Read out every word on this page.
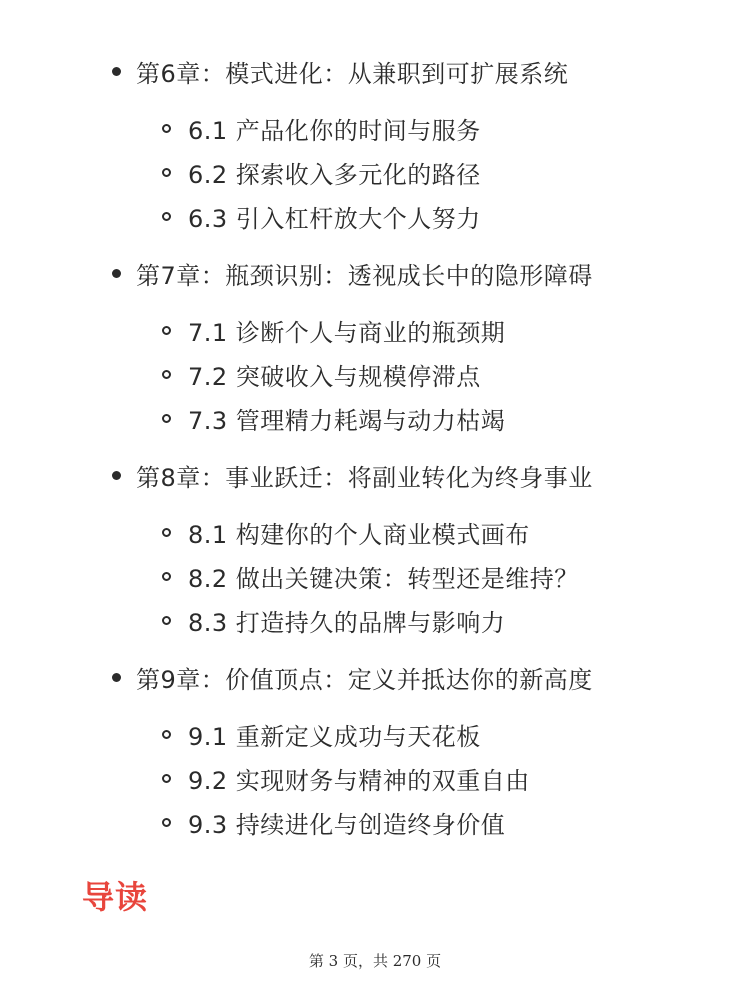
第6章：模式进化：从兼职到可扩展系统
6.1 产品化你的时间与服务
6.2 探索收入多元化的路径
6.3 引入杠杆放大个人努力
第7章：瓶颈识别：透视成长中的隐形障碍
7.1 诊断个人与商业的瓶颈期
7.2 突破收入与规模停滞点
7.3 管理精力耗竭与动力枯竭
第8章：事业跃迁：将副业转化为终身事业
8.1 构建你的个人商业模式画布
8.2 做出关键决策：转型还是维持？
8.3 打造持久的品牌与影响力
第9章：价值顶点：定义并抵达你的新高度
9.1 重新定义成功与天花板
9.2 实现财务与精神的双重自由
9.3 持续进化与创造终身价值
导读
第 3 页，共 270 页
